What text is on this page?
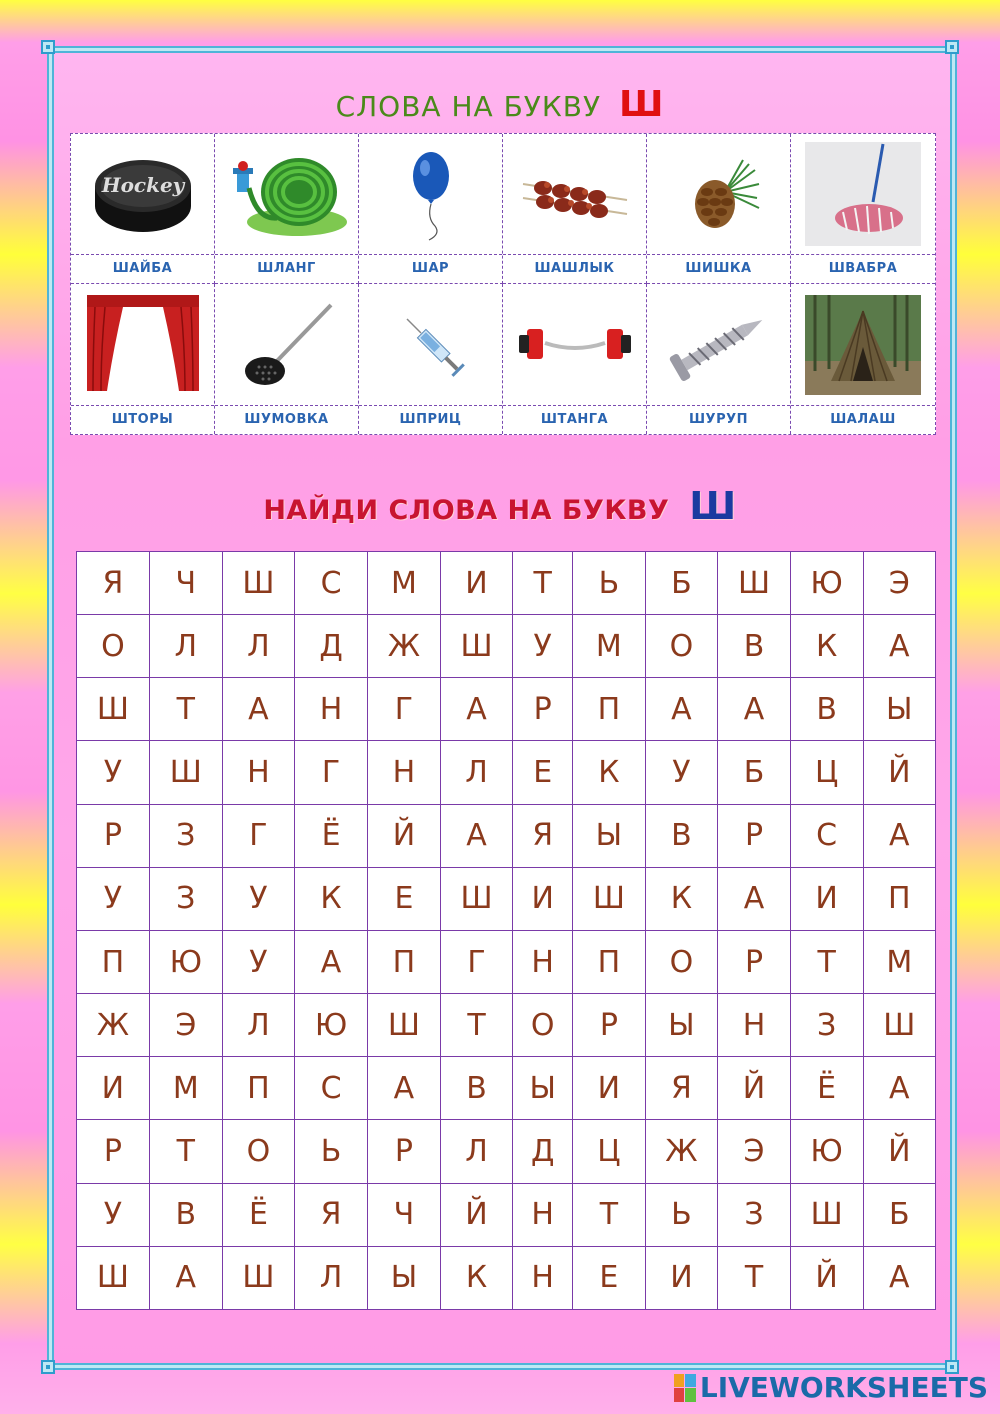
СЛОВА НА БУКВУ Ш
Hockey
ШАЙБА	ШЛАНГ	ШАР	ШАШЛЫК	ШИШКА	ШВАБРА
ШТОРЫ	ШУМОВКА	ШПРИЦ	ШТАНГА	ШУРУП	ШАЛАШ
НАЙДИ СЛОВА НА БУКВУ Ш
Я	Ч	Ш	С	М	И	Т	Ь	Б	Ш	Ю	Э
О	Л	Л	Д	Ж	Ш	У	М	О	В	К	А
Ш	Т	А	Н	Г	А	Р	П	А	А	В	Ы
У	Ш	Н	Г	Н	Л	Е	К	У	Б	Ц	Й
Р	З	Г	Ё	Й	А	Я	Ы	В	Р	С	А
У	З	У	К	Е	Ш	И	Ш	К	А	И	П
П	Ю	У	А	П	Г	Н	П	О	Р	Т	М
Ж	Э	Л	Ю	Ш	Т	О	Р	Ы	Н	З	Ш
И	М	П	С	А	В	Ы	И	Я	Й	Ё	А
Р	Т	О	Ь	Р	Л	Д	Ц	Ж	Э	Ю	Й
У	В	Ё	Я	Ч	Й	Н	Т	Ь	З	Ш	Б
Ш	А	Ш	Л	Ы	К	Н	Е	И	Т	Й	А
LIVEWORKSHEETS
